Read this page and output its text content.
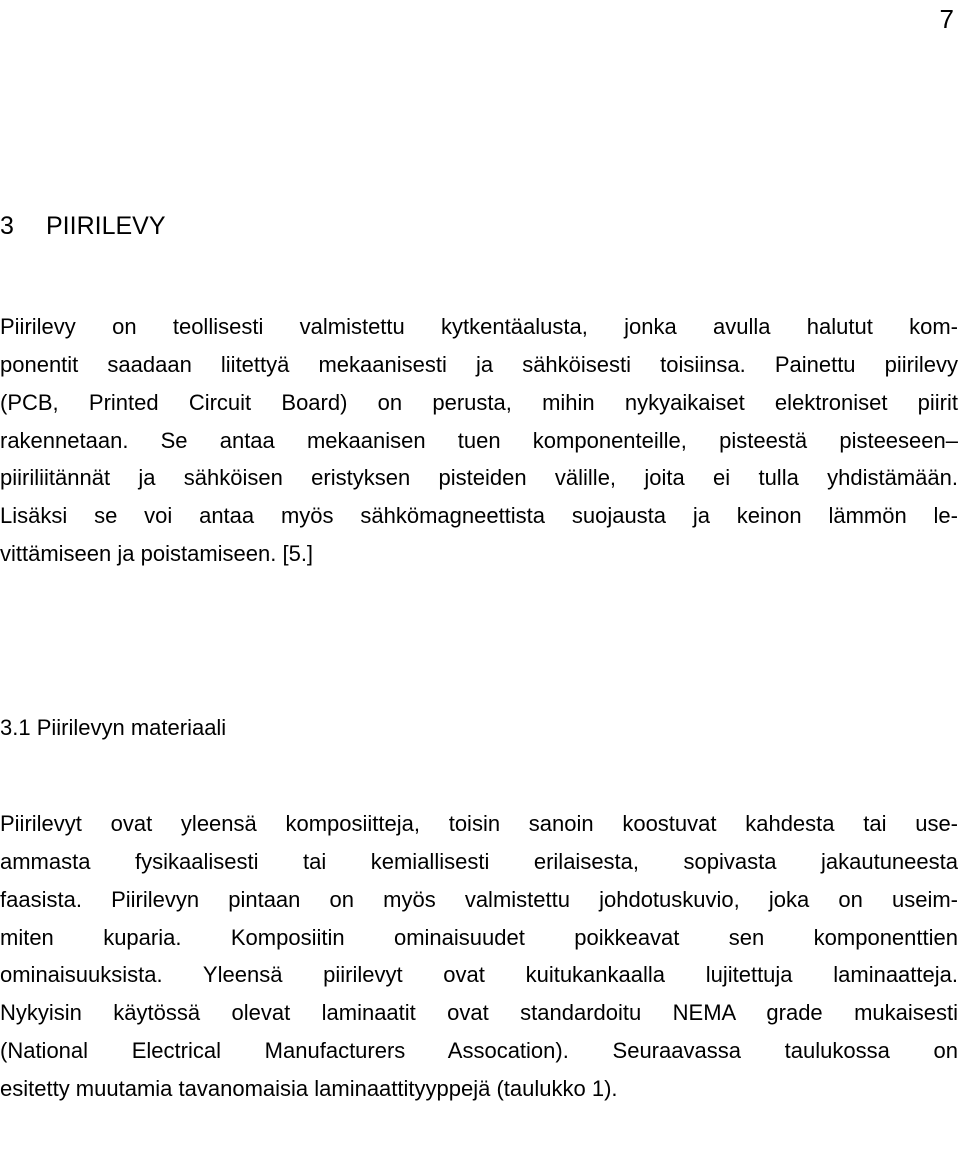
7
3 PIIRILEVY
Piirilevy on teollisesti valmistettu kytkentäalusta, jonka avulla halutut kom-
ponentit saadaan liitettyä mekaanisesti ja sähköisesti toisiinsa. Painettu piirilevy
(PCB, Printed Circuit Board) on perusta, mihin nykyaikaiset elektroniset piirit
rakennetaan. Se antaa mekaanisen tuen komponenteille, pisteestä pisteeseen–
piiriliitännät ja sähköisen eristyksen pisteiden välille, joita ei tulla yhdistämään.
Lisäksi se voi antaa myös sähkömagneettista suojausta ja keinon lämmön le-
vittämiseen ja poistamiseen. [5.]
3.1 Piirilevyn materiaali
Piirilevyt ovat yleensä komposiitteja, toisin sanoin koostuvat kahdesta tai use-
ammasta fysikaalisesti tai kemiallisesti erilaisesta, sopivasta jakautuneesta
faasista. Piirilevyn pintaan on myös valmistettu johdotuskuvio, joka on useim-
miten kuparia. Komposiitin ominaisuudet poikkeavat sen komponenttien
ominaisuuksista. Yleensä piirilevyt ovat kuitukankaalla lujitettuja laminaatteja.
Nykyisin käytössä olevat laminaatit ovat standardoitu NEMA grade mukaisesti
(National Electrical Manufacturers Assocation). Seuraavassa taulukossa on
esitetty muutamia tavanomaisia laminaattityyppejä (taulukko 1).
